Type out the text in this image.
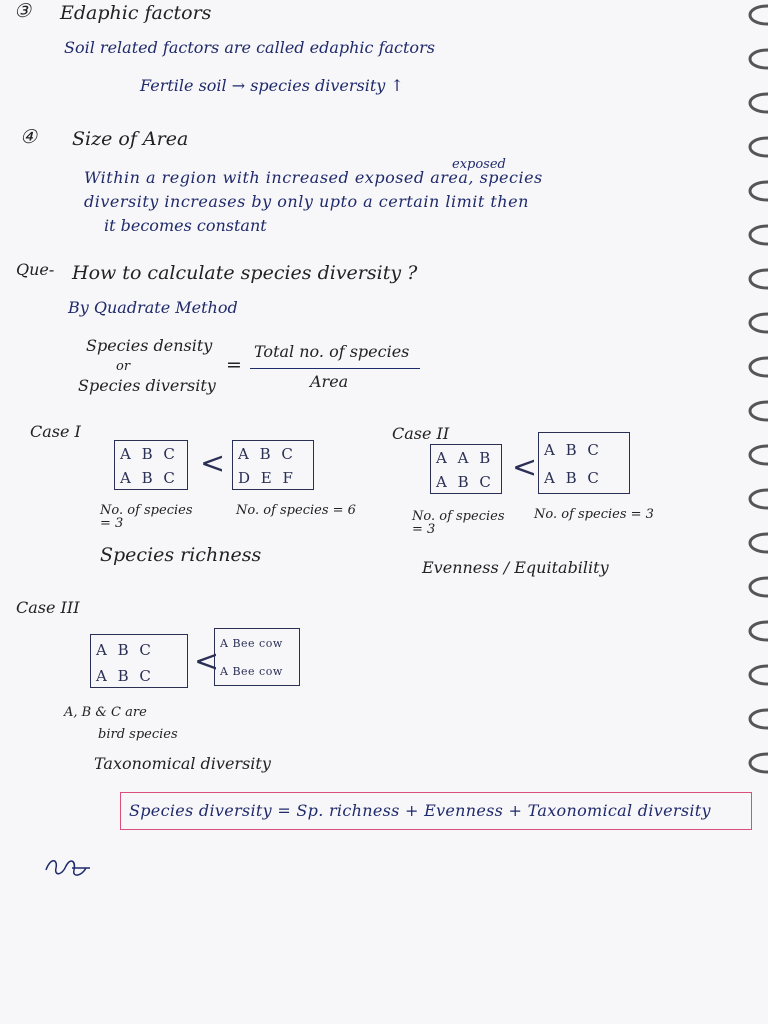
③ Edaphic factors
Soil related factors are called edaphic factors
Fertile soil → species diversity ↑
④ Size of Area
exposed
Within a region with increased exposed area, species
diversity increases by only upto a certain limit then
it becomes constant
Que- How to calculate species diversity ?
By Quadrate Method
Species density
or
Species diversity
=
Total no. of species
Area
Case I
A B C
A B C < A B C
D E F
No. of species = 3
No. of species = 6
Species richness
Case II
A A B
A B C < A B C
A B C
No. of species = 3
No. of species = 3
Evenness / Equitability
Case III
A B C
A B C	<
A Bee cow
A Bee cow
A, B & C are
bird species
Taxonomical diversity
Species diversity = Sp. richness + Evenness + Taxonomical diversity
